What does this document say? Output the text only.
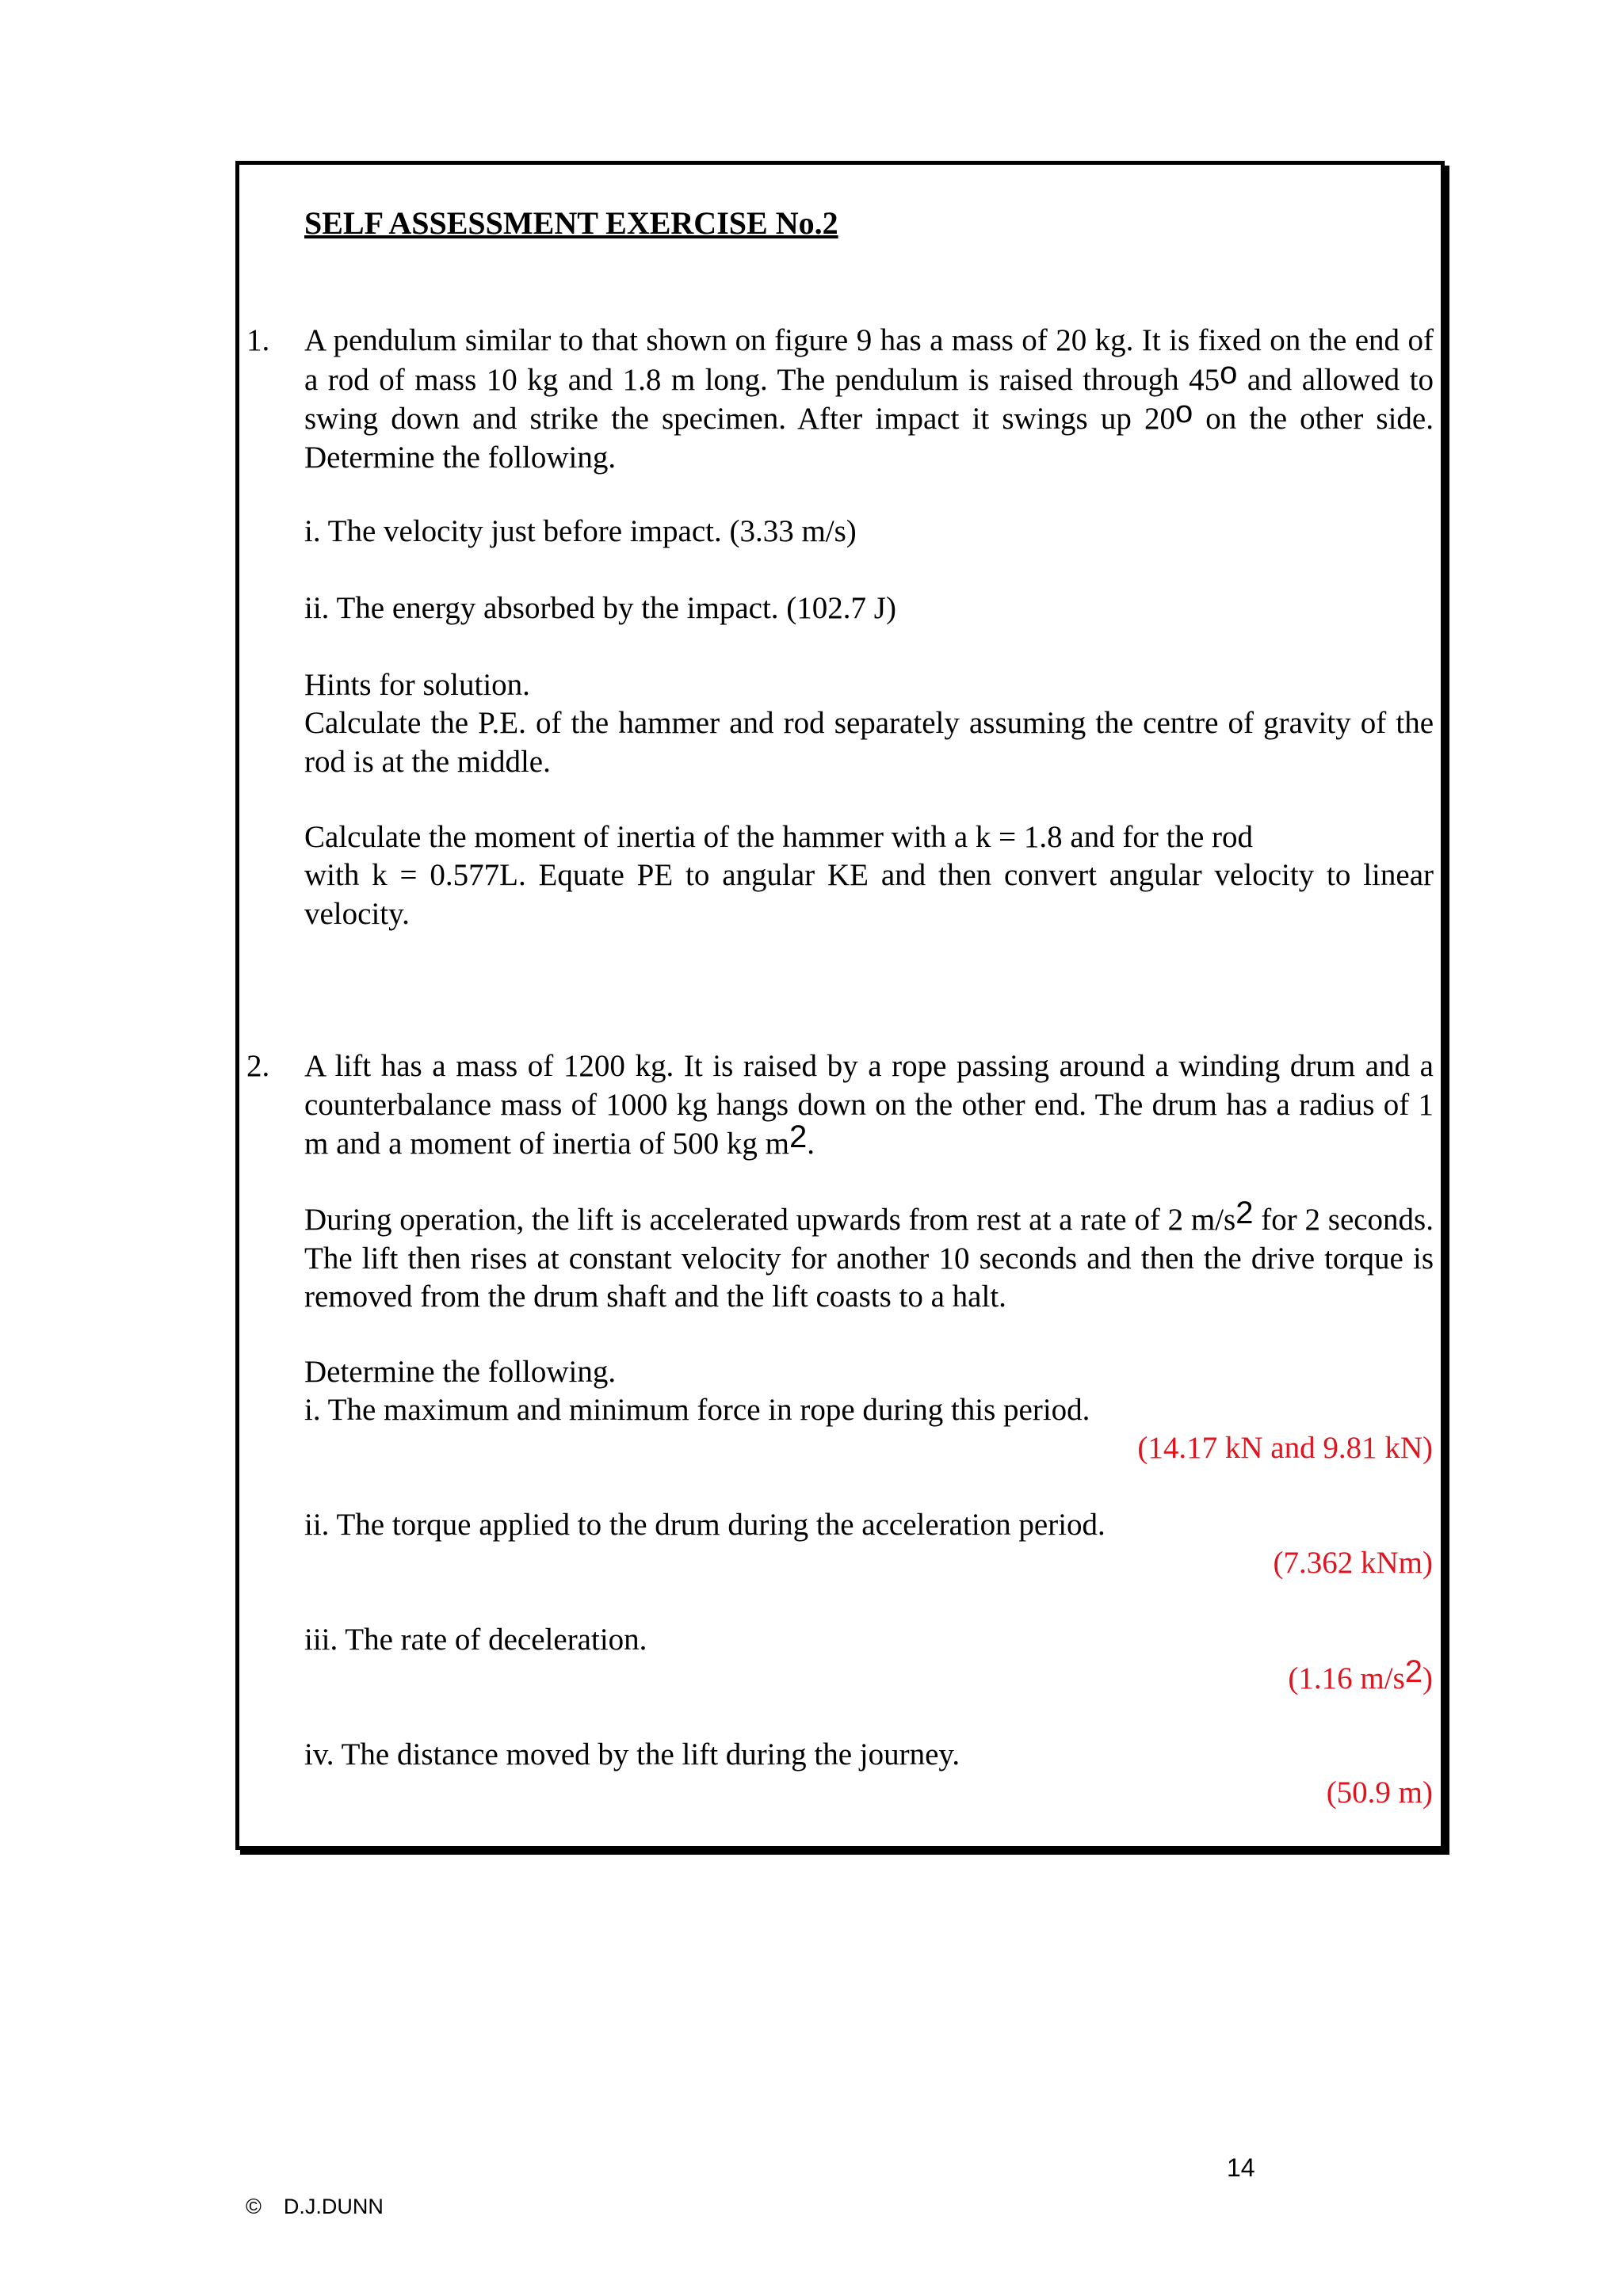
SELF ASSESSMENT EXERCISE No.2
1. A pendulum similar to that shown on figure 9 has a mass of 20 kg. It is fixed on the end of a rod of mass 10 kg and 1.8 m long. The pendulum is raised through 45o and allowed to swing down and strike the specimen. After impact it swings up 20o on the other side. Determine the following.
i. The velocity just before impact. (3.33 m/s)
ii. The energy absorbed by the impact. (102.7 J)
Hints for solution.
Calculate the P.E. of the hammer and rod separately assuming the centre of gravity of the rod is at the middle.
Calculate the moment of inertia of the hammer with a k = 1.8 and for the rod
with k = 0.577L. Equate PE to angular KE and then convert angular velocity to linear velocity.
2. A lift has a mass of 1200 kg. It is raised by a rope passing around a winding drum and a counterbalance mass of 1000 kg hangs down on the other end. The drum has a radius of 1 m and a moment of inertia of 500 kg m2.
During operation, the lift is accelerated upwards from rest at a rate of 2 m/s2 for 2 seconds. The lift then rises at constant velocity for another 10 seconds and then the drive torque is removed from the drum shaft and the lift coasts to a halt.
Determine the following.
i. The maximum and minimum force in rope during this period.
(14.17 kN and 9.81 kN)
ii. The torque applied to the drum during the acceleration period.
(7.362 kNm)
iii. The rate of deceleration.
(1.16 m/s2)
iv. The distance moved by the lift during the journey.
(50.9 m)
14
© D.J.DUNN
